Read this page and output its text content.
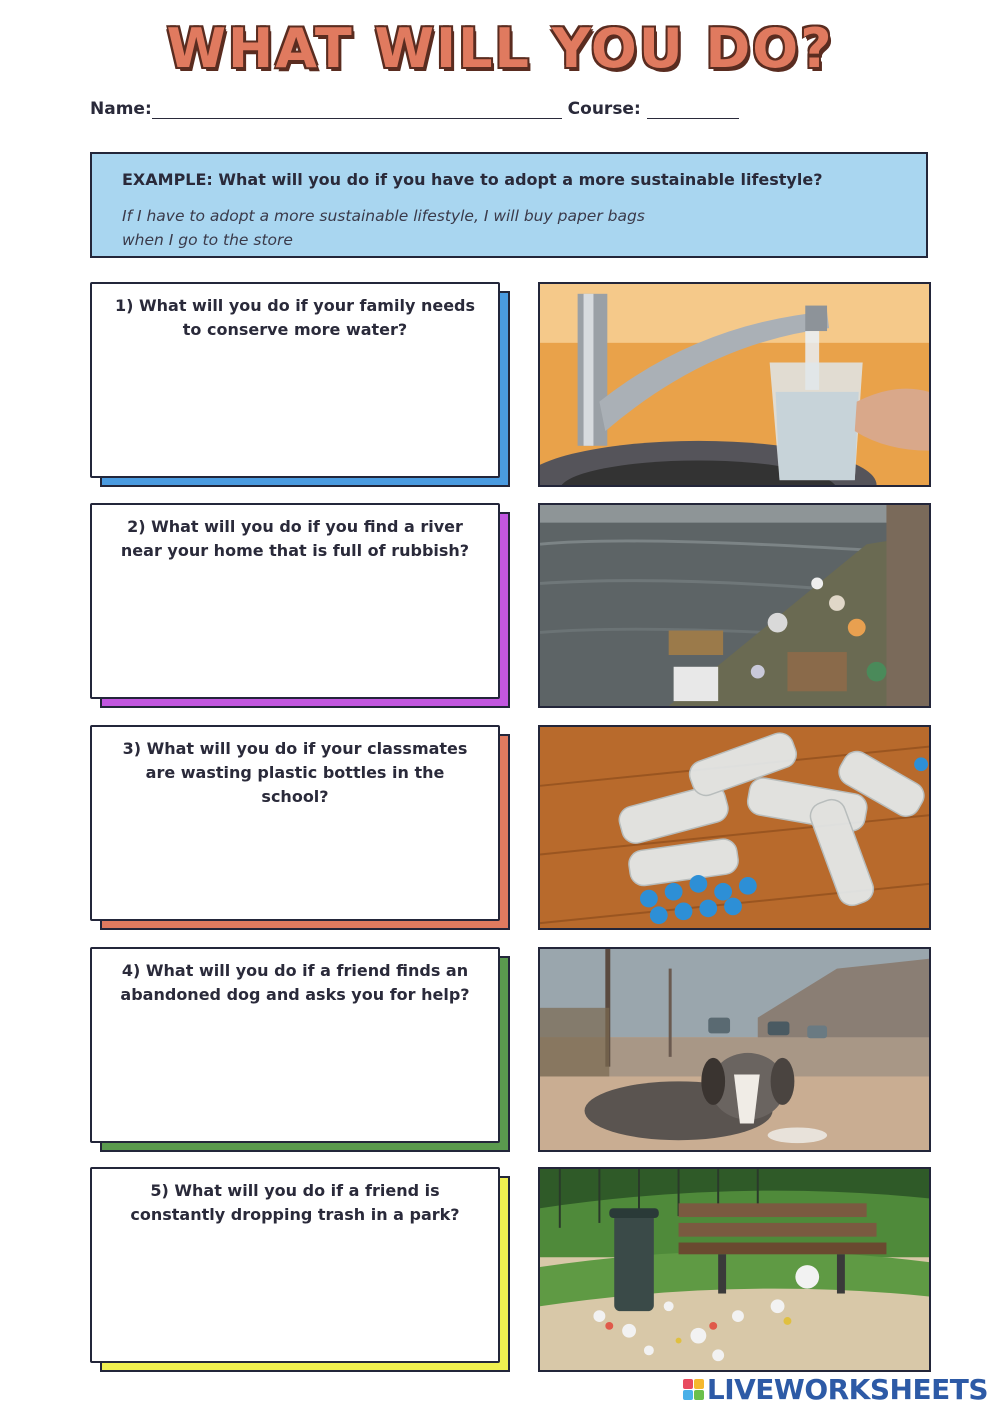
WHAT WILL YOU DO?
Name:	Course:
EXAMPLE: What will you do if you have to adopt a more sustainable lifestyle?
If I have to adopt a more sustainable lifestyle, I will buy paper bags when I go to the store
1) What will you do if your family needs to conserve more water?
2) What will you do if you find a river near your home that is full of rubbish?
3) What will you do if your classmates are wasting plastic bottles in the school?
4) What will you do if a friend finds an abandoned dog and asks you for help?
5) What will you do if a friend is constantly dropping trash in a park?
LIVEWORKSHEETS
